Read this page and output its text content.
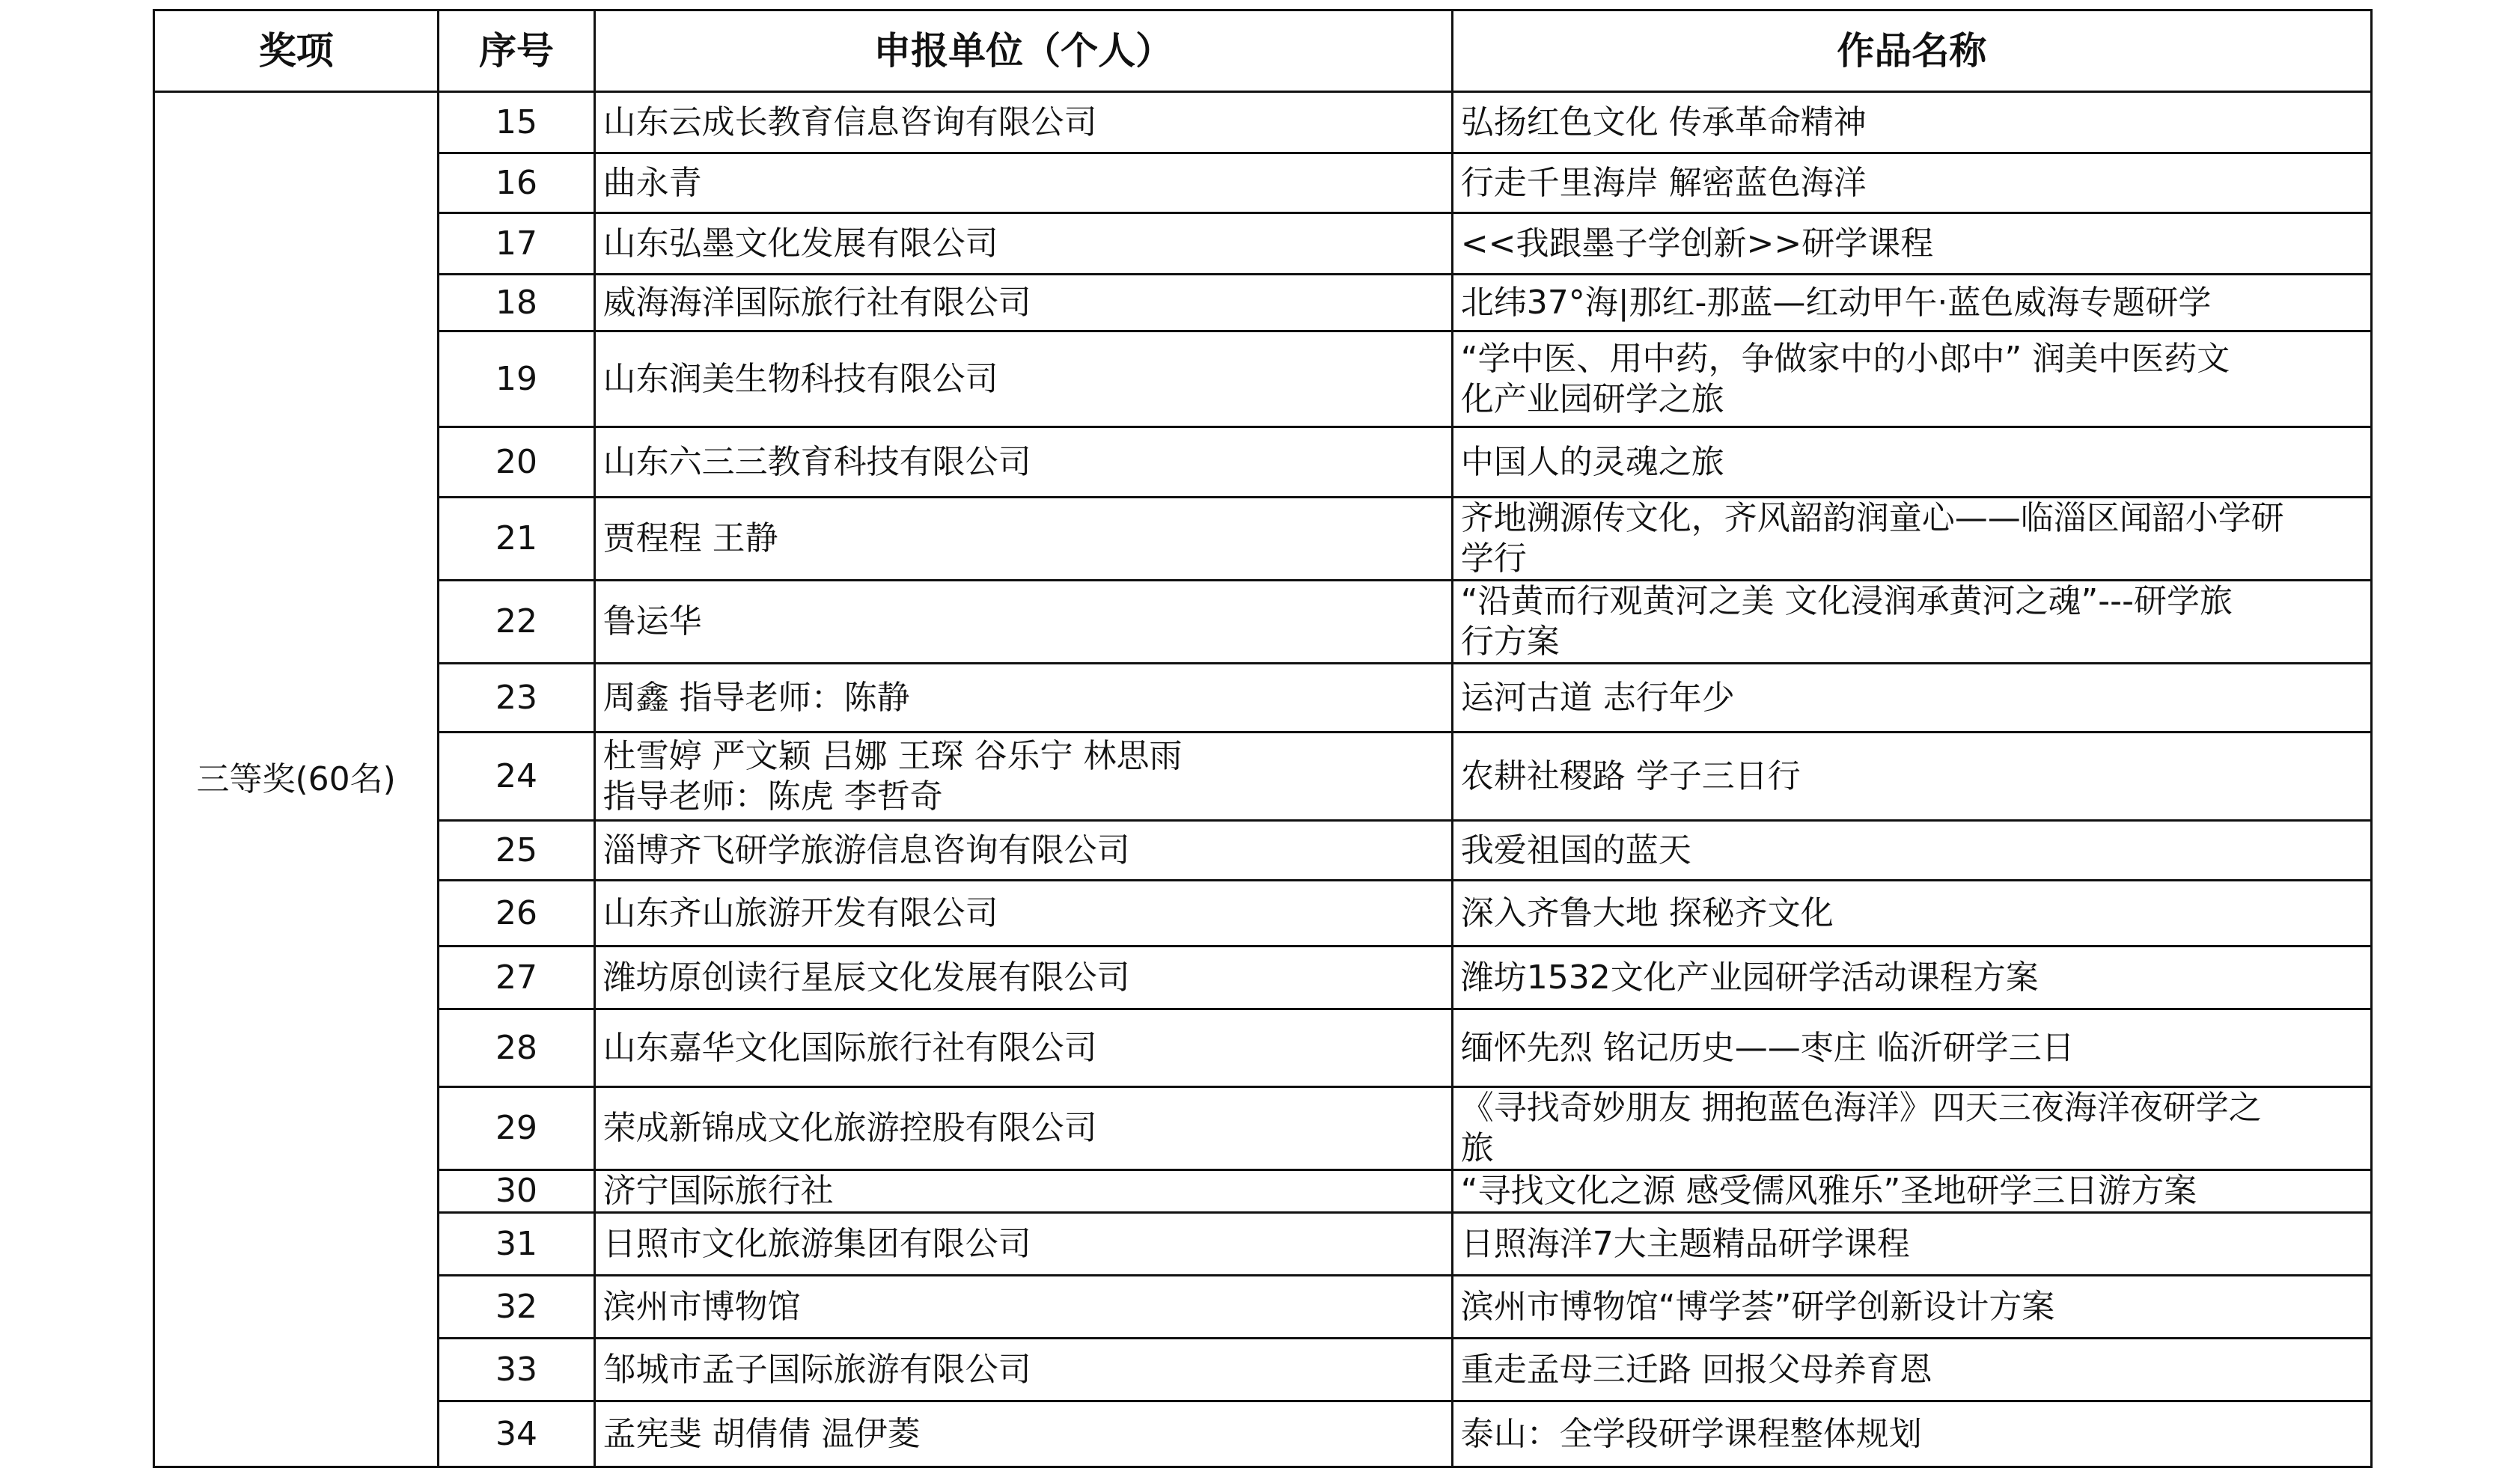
奖项	序号	申报单位（个人）	作品名称
三等奖(60名)	15	山东云成长教育信息咨询有限公司	弘扬红色文化 传承革命精神

	16	曲永青	行走千里海岸 解密蓝色海洋

	17	山东弘墨文化发展有限公司	<<我跟墨子学创新>>研学课程

	18	威海海洋国际旅行社有限公司	北纬37°海|那红-那蓝—红动甲午·蓝色威海专题研学

	19	山东润美生物科技有限公司	“学中医、用中药，争做家中的小郎中” 润美中医药文
化产业园研学之旅

	20	山东六三三教育科技有限公司	中国人的灵魂之旅

	21	贾程程 王静	齐地溯源传文化，齐风韶韵润童心——临淄区闻韶小学研
学行

	22	鲁运华	“沿黄而行观黄河之美 文化浸润承黄河之魂”---研学旅
行方案

	23	周鑫 指导老师：陈静	运河古道 志行年少

	24	杜雪婷 严文颖 吕娜 王琛 谷乐宁 林思雨
指导老师：陈虎 李哲奇	农耕社稷路 学子三日行

	25	淄博齐飞研学旅游信息咨询有限公司	我爱祖国的蓝天

	26	山东齐山旅游开发有限公司	深入齐鲁大地 探秘齐文化

	27	潍坊原创读行星辰文化发展有限公司	潍坊1532文化产业园研学活动课程方案

	28	山东嘉华文化国际旅行社有限公司	缅怀先烈 铭记历史——枣庄 临沂研学三日

	29	荣成新锦成文化旅游控股有限公司	《寻找奇妙朋友 拥抱蓝色海洋》四天三夜海洋夜研学之
旅

	30	济宁国际旅行社	“寻找文化之源 感受儒风雅乐”圣地研学三日游方案

	31	日照市文化旅游集团有限公司	日照海洋7大主题精品研学课程

	32	滨州市博物馆	滨州市博物馆“博学荟”研学创新设计方案

	33	邹城市孟子国际旅游有限公司	重走孟母三迁路 回报父母养育恩

	34	孟宪斐 胡倩倩 温伊菱	泰山：全学段研学课程整体规划
